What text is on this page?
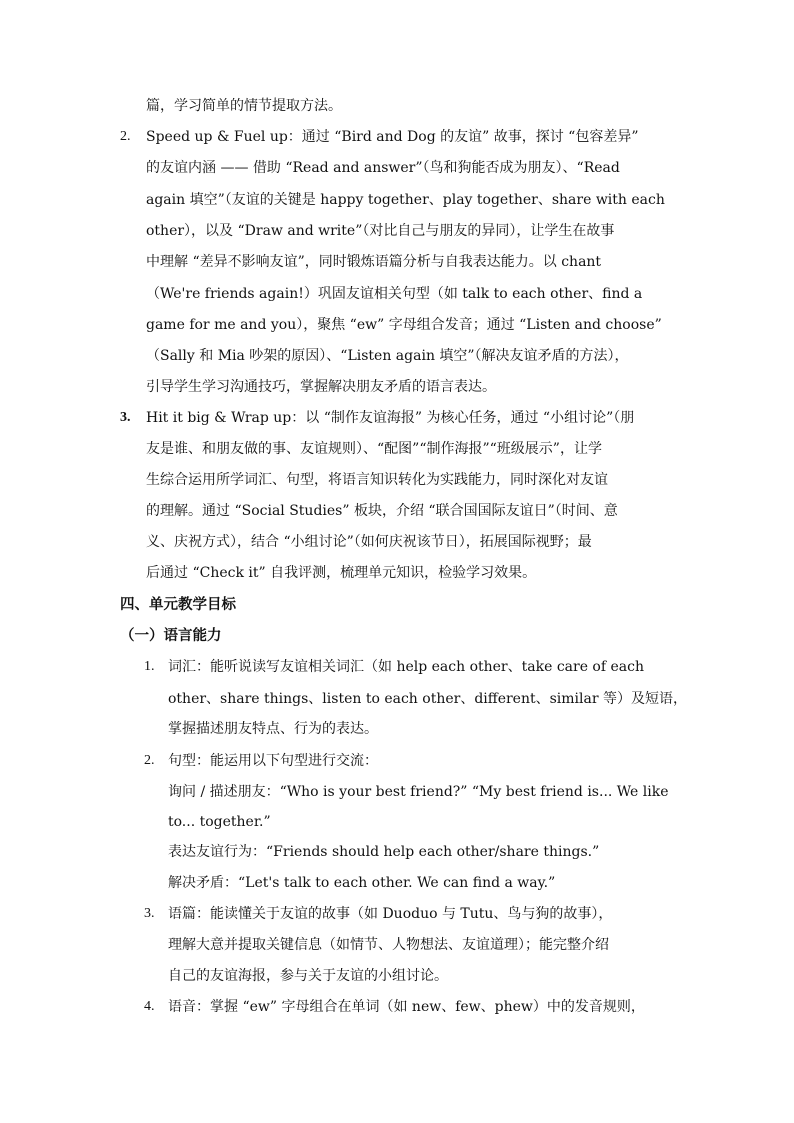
篇，学习简单的情节提取方法。
2. Speed up & Fuel up：通过 “Bird and Dog 的友谊” 故事，探讨 “包容差异”
的友谊内涵 —— 借助 “Read and answer”（鸟和狗能否成为朋友）、“Read
again 填空”（友谊的关键是 happy together、play together、share with each
other），以及 “Draw and write”（对比自己与朋友的异同），让学生在故事
中理解 “差异不影响友谊”，同时锻炼语篇分析与自我表达能力。以 chant
（We're friends again!）巩固友谊相关句型（如 talk to each other、find a
game for me and you），聚焦 “ew” 字母组合发音；通过 “Listen and choose”
（Sally 和 Mia 吵架的原因）、“Listen again 填空”（解决友谊矛盾的方法），
引导学生学习沟通技巧，掌握解决朋友矛盾的语言表达。
3. Hit it big & Wrap up：以 “制作友谊海报” 为核心任务，通过 “小组讨论”（朋
友是谁、和朋友做的事、友谊规则）、“配图”“制作海报”“班级展示”，让学
生综合运用所学词汇、句型，将语言知识转化为实践能力，同时深化对友谊
的理解。通过 “Social Studies” 板块，介绍 “联合国国际友谊日”（时间、意
义、庆祝方式），结合 “小组讨论”（如何庆祝该节日），拓展国际视野；最
后通过 “Check it” 自我评测，梳理单元知识，检验学习效果。
四、单元教学目标
（一）语言能力
1. 词汇：能听说读写友谊相关词汇（如 help each other、take care of each
other、share things、listen to each other、different、similar 等）及短语，
掌握描述朋友特点、行为的表达。
2. 句型：能运用以下句型进行交流：
询问 / 描述朋友：“Who is your best friend?” “My best friend is... We like
to... together.”
表达友谊行为：“Friends should help each other/share things.”
解决矛盾：“Let's talk to each other. We can find a way.”
3. 语篇：能读懂关于友谊的故事（如 Duoduo 与 Tutu、鸟与狗的故事），
理解大意并提取关键信息（如情节、人物想法、友谊道理）；能完整介绍
自己的友谊海报，参与关于友谊的小组讨论。
4. 语音：掌握 “ew” 字母组合在单词（如 new、few、phew）中的发音规则，
